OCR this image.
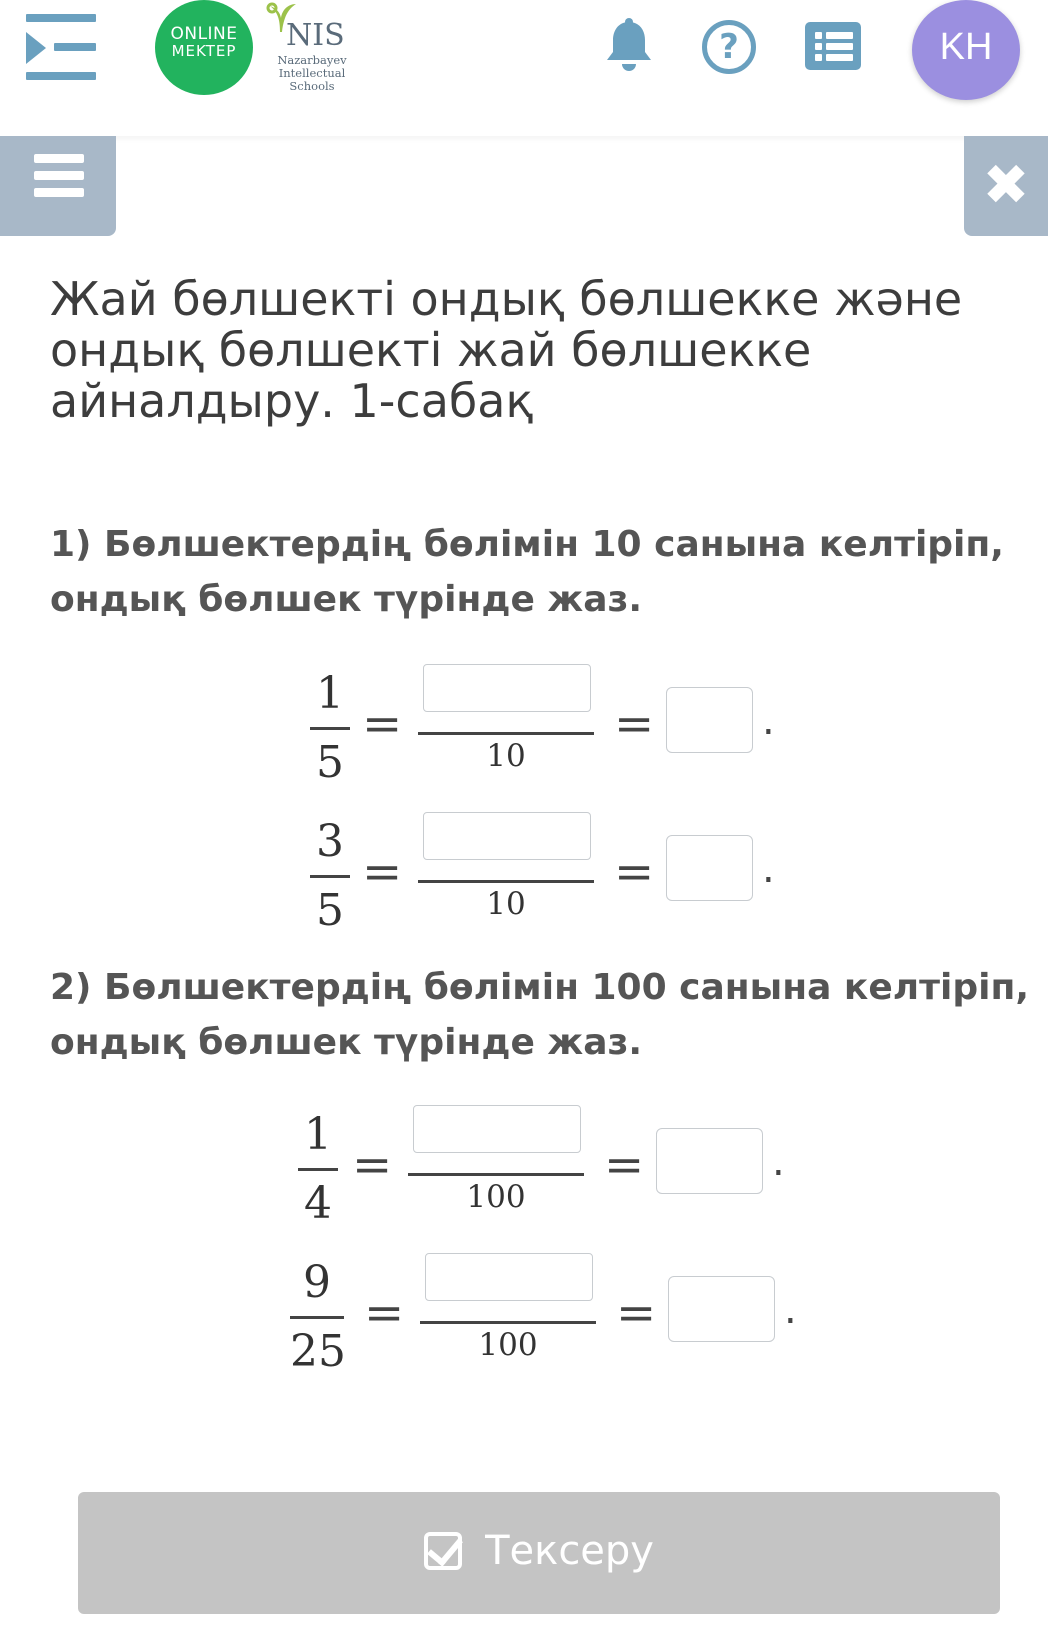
ONLINE
MEKTEP	NIS
Nazarbayev Intellectual Schools
?	KH
✖
Жай бөлшекті ондық бөлшекке және ондық бөлшекті жай бөлшекке айналдыру. 1-сабақ
1) Бөлшектердің бөлімін 10 санына келтіріп, ондық бөлшек түрінде жаз.
1
5
=
10
=	.
3
5
=
10
=	.
2) Бөлшектердің бөлімін 100 санына келтіріп, ондық бөлшек түрінде жаз.
1
4
=
100
=	.
9
25
=
100
=	.
Тексеру
